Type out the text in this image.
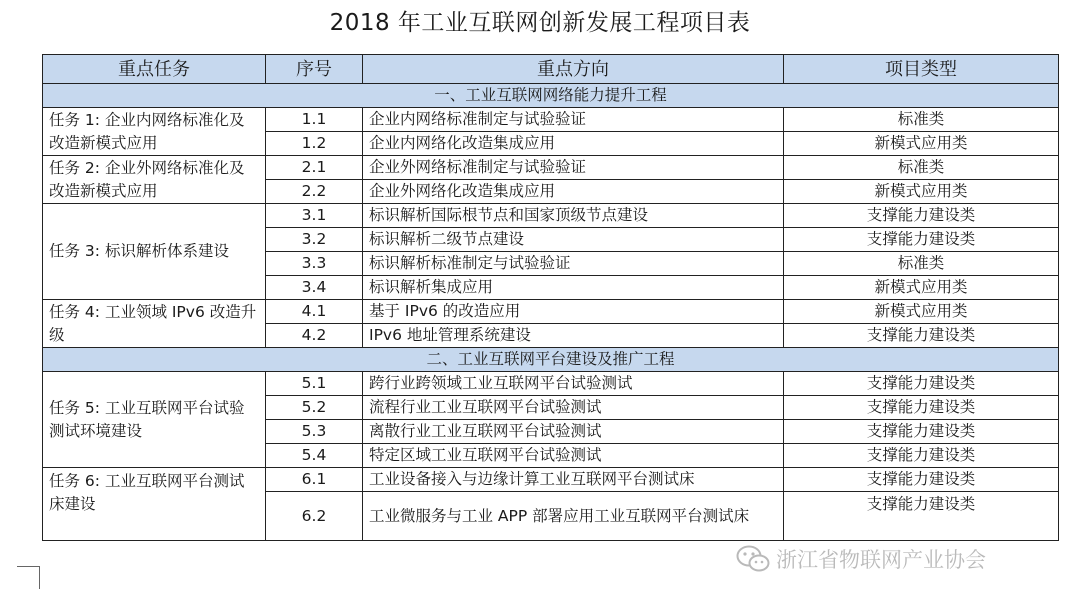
2018 年工业互联网创新发展工程项目表
重点任务	序号	重点方向	项目类型
一、工业互联网网络能力提升工程			
任务 1: 企业内网络标准化及改造新模式应用	1.1	企业内网络标准制定与试验验证	标准类
	1.2	企业内网络化改造集成应用	新模式应用类
任务 2: 企业外网络标准化及改造新模式应用	2.1	企业外网络标准制定与试验验证	标准类
	2.2	企业外网络化改造集成应用	新模式应用类
任务 3: 标识解析体系建设	3.1	标识解析国际根节点和国家顶级节点建设	支撑能力建设类
	3.2	标识解析二级节点建设	支撑能力建设类
	3.3	标识解析标准制定与试验验证	标准类
	3.4	标识解析集成应用	新模式应用类
任务 4: 工业领域 IPv6 改造升级	4.1	基于 IPv6 的改造应用	新模式应用类
	4.2	IPv6 地址管理系统建设	支撑能力建设类
二、工业互联网平台建设及推广工程			
任务 5: 工业互联网平台试验测试环境建设	5.1	跨行业跨领域工业互联网平台试验测试	支撑能力建设类
	5.2	流程行业工业互联网平台试验测试	支撑能力建设类
	5.3	离散行业工业互联网平台试验测试	支撑能力建设类
	5.4	特定区域工业互联网平台试验测试	支撑能力建设类
任务 6: 工业互联网平台测试床建设	6.1	工业设备接入与边缘计算工业互联网平台测试床	支撑能力建设类
	6.2	工业微服务与工业 APP 部署应用工业互联网平台测试床	支撑能力建设类
浙江省物联网产业协会
